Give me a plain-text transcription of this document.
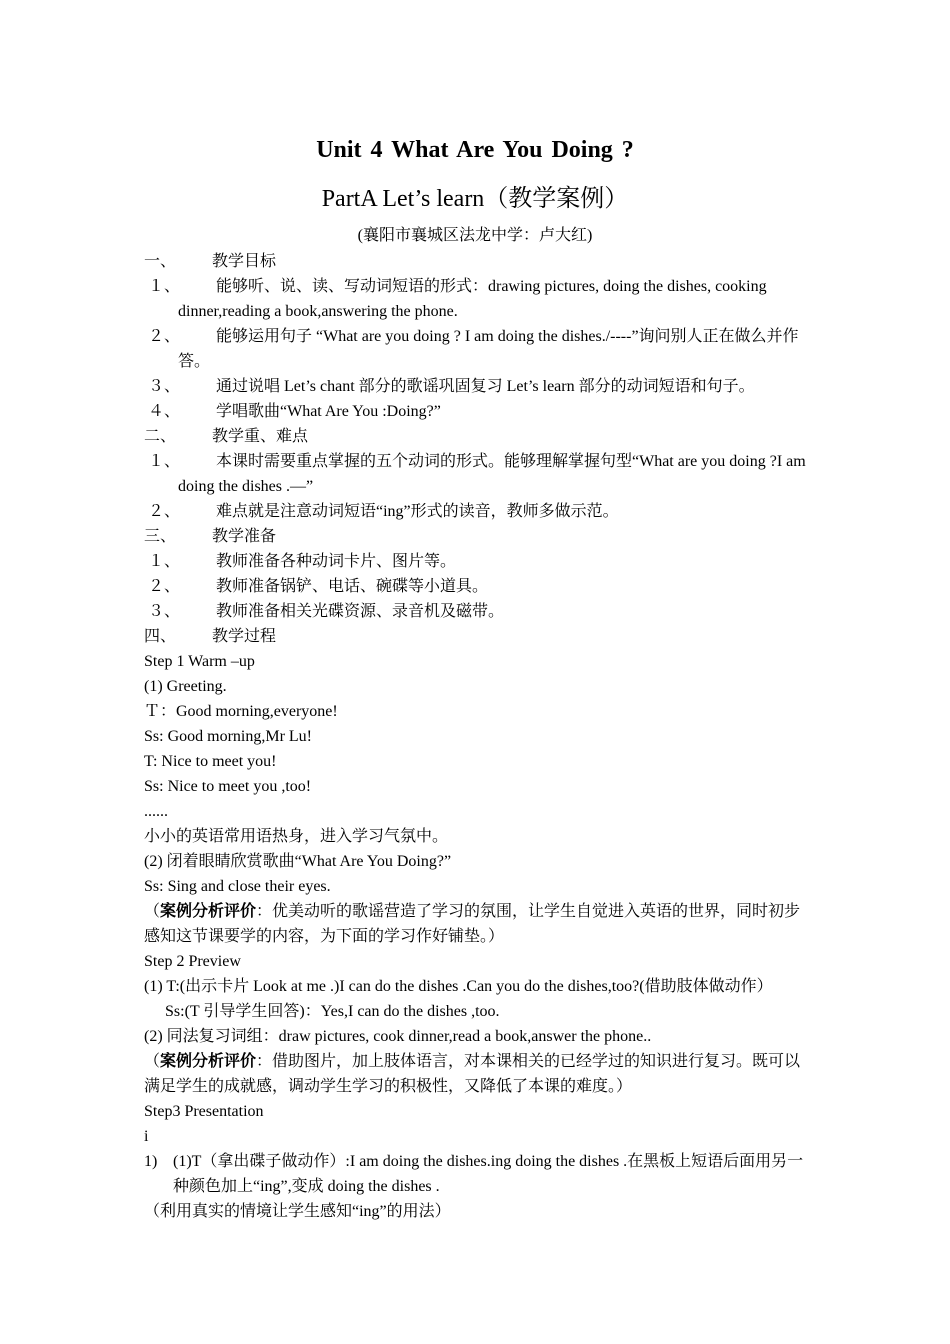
Unit 4 What Are You Doing ?
PartA Let’s learn（教学案例）
(襄阳市襄城区法龙中学：卢大红)
一、	教学目标
１、 能够听、说、读、写动词短语的形式：drawing pictures, doing the dishes, cooking dinner,reading a book,answering the phone.
２、 能够运用句子 “What are you doing ? I am doing the dishes./----”询问别人正在做么并作答。
３、 通过说唱 Let’s chant 部分的歌谣巩固复习 Let’s learn 部分的动词短语和句子。
４、 学唱歌曲“What Are You :Doing?”
二、	教学重、难点
１、 本课时需要重点掌握的五个动词的形式。能够理解掌握句型“What are you doing ?I am doing the dishes .—”
２、 难点就是注意动词短语“ing”形式的读音，教师多做示范。
三、	教学准备
１、 教师准备各种动词卡片、图片等。
２、 教师准备锅铲、电话、碗碟等小道具。
３、 教师准备相关光碟资源、录音机及磁带。
四、	教学过程
Step 1 Warm –up
(1) Greeting.
Ｔ：Good morning,everyone!
Ss: Good morning,Mr Lu!
T: Nice to meet you!
Ss: Nice to meet you ,too!
......
小小的英语常用语热身，进入学习气氛中。
(2) 闭着眼睛欣赏歌曲“What Are You Doing?”
Ss: Sing and close their eyes.
（案例分析评价：优美动听的歌谣营造了学习的氛围，让学生自觉进入英语的世界，同时初步感知这节课要学的内容，为下面的学习作好铺垫。）
Step 2 Preview
(1) T:(出示卡片 Look at me .)I can do the dishes .Can you do the dishes,too?(借助肢体做动作）
Ss:(T 引导学生回答)：Yes,I can do the dishes ,too.
(2) 同法复习词组：draw pictures, cook dinner,read a book,answer the phone..
（案例分析评价：借助图片，加上肢体语言，对本课相关的已经学过的知识进行复习。既可以满足学生的成就感，调动学生学习的积极性，又降低了本课的难度。）
Step3 Presentation
i
1) (1)T（拿出碟子做动作）:I am doing the dishes.ing doing the dishes .在黑板上短语后面用另一种颜色加上“ing”,变成 doing the dishes .
（利用真实的情境让学生感知“ing”的用法）
